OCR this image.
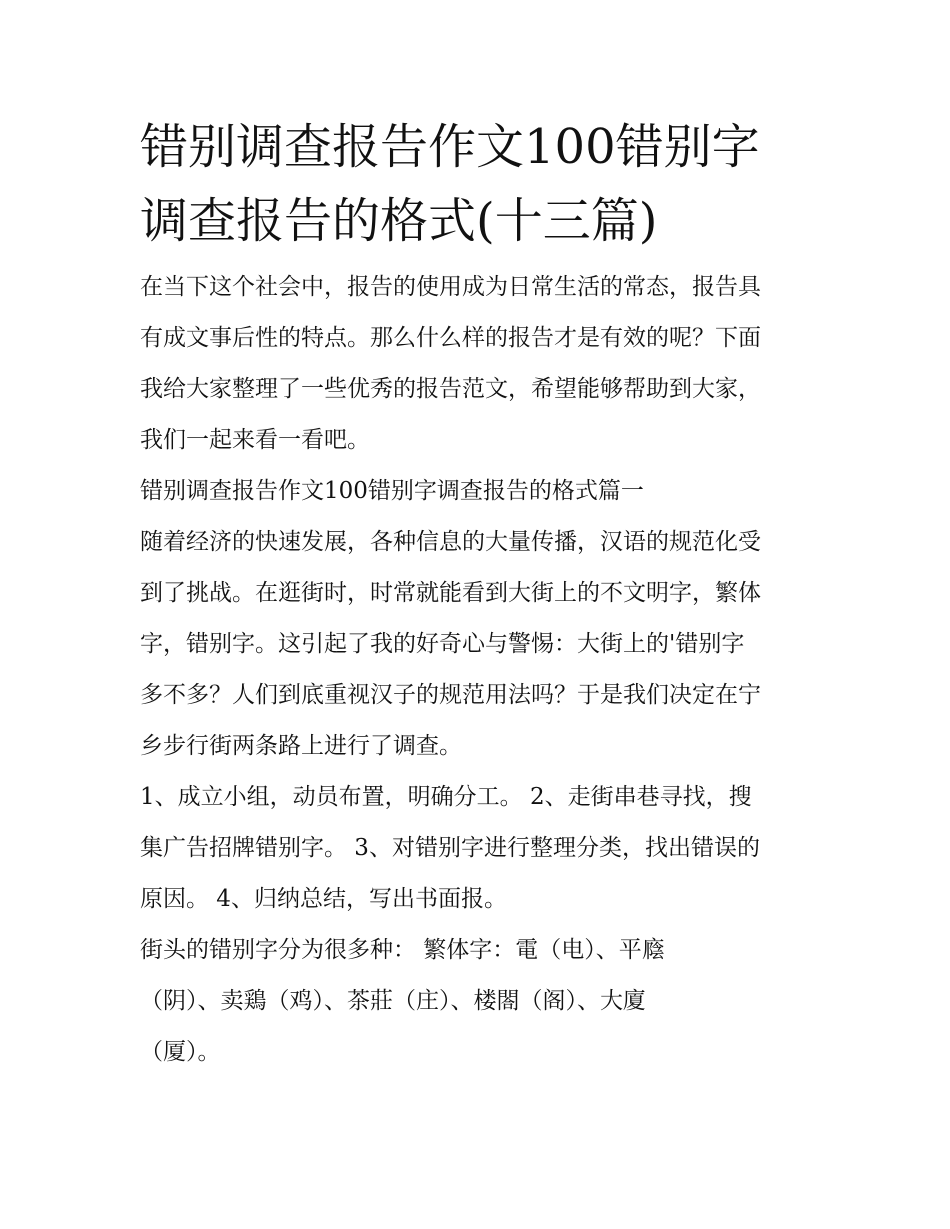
错别调查报告作文100错别字
调查报告的格式(十三篇)
在当下这个社会中，报告的使用成为日常生活的常态，报告具
有成文事后性的特点。那么什么样的报告才是有效的呢？下面
我给大家整理了一些优秀的报告范文，希望能够帮助到大家，
我们一起来看一看吧。
错别调查报告作文100错别字调查报告的格式篇一
随着经济的快速发展，各种信息的大量传播，汉语的规范化受
到了挑战。在逛街时，时常就能看到大街上的不文明字，繁体
字，错别字。这引起了我的好奇心与警惕：大街上的'错别字
多不多？人们到底重视汉子的规范用法吗？于是我们决定在宁
乡步行街两条路上进行了调查。
1、成立小组，动员布置，明确分工。 2、走街串巷寻找，搜
集广告招牌错别字。 3、对错别字进行整理分类，找出错误的
原因。 4、归纳总结，写出书面报。
街头的错别字分为很多种： 繁体字：電（电）、平廕
（阴）、卖鶏（鸡）、茶莊（庄）、楼閤（阁）、大廈
（厦）。
